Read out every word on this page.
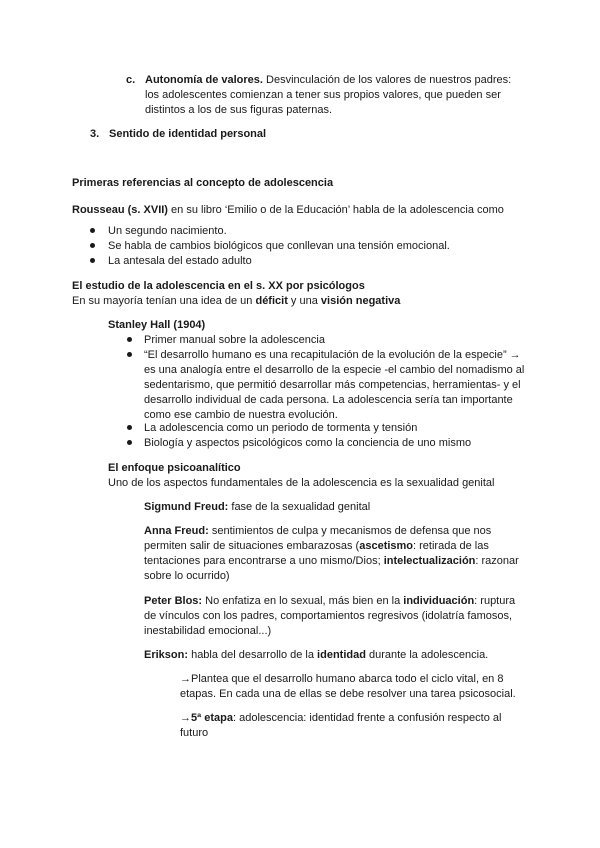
c. Autonomía de valores. Desvinculación de los valores de nuestros padres: los adolescentes comienzan a tener sus propios valores, que pueden ser distintos a los de sus figuras paternas.
3. Sentido de identidad personal
Primeras referencias al concepto de adolescencia
Rousseau (s. XVII) en su libro ‘Emilio o de la Educación’ habla de la adolescencia como
Un segundo nacimiento.
Se habla de cambios biológicos que conllevan una tensión emocional.
La antesala del estado adulto
El estudio de la adolescencia en el s. XX por psicólogos
En su mayoría tenían una idea de un déficit y una visión negativa
Stanley Hall (1904)
Primer manual sobre la adolescencia
“El desarrollo humano es una recapitulación de la evolución de la especie” → es una analogía entre el desarrollo de la especie -el cambio del nomadismo al sedentarismo, que permitió desarrollar más competencias, herramientas- y el desarrollo individual de cada persona. La adolescencia sería tan importante como ese cambio de nuestra evolución.
La adolescencia como un periodo de tormenta y tensión
Biología y aspectos psicológicos como la conciencia de uno mismo
El enfoque psicoanalítico
Uno de los aspectos fundamentales de la adolescencia es la sexualidad genital
Sigmund Freud: fase de la sexualidad genital
Anna Freud: sentimientos de culpa y mecanismos de defensa que nos permiten salir de situaciones embarazosas (ascetismo: retirada de las tentaciones para encontrarse a uno mismo/Dios; intelectualización: razonar sobre lo ocurrido)
Peter Blos: No enfatiza en lo sexual, más bien en la individuación: ruptura de vínculos con los padres, comportamientos regresivos (idolatría famosos, inestabilidad emocional...)
Erikson: habla del desarrollo de la identidad durante la adolescencia.
→Plantea que el desarrollo humano abarca todo el ciclo vital, en 8 etapas. En cada una de ellas se debe resolver una tarea psicosocial.
→5ª etapa: adolescencia: identidad frente a confusión respecto al futuro
